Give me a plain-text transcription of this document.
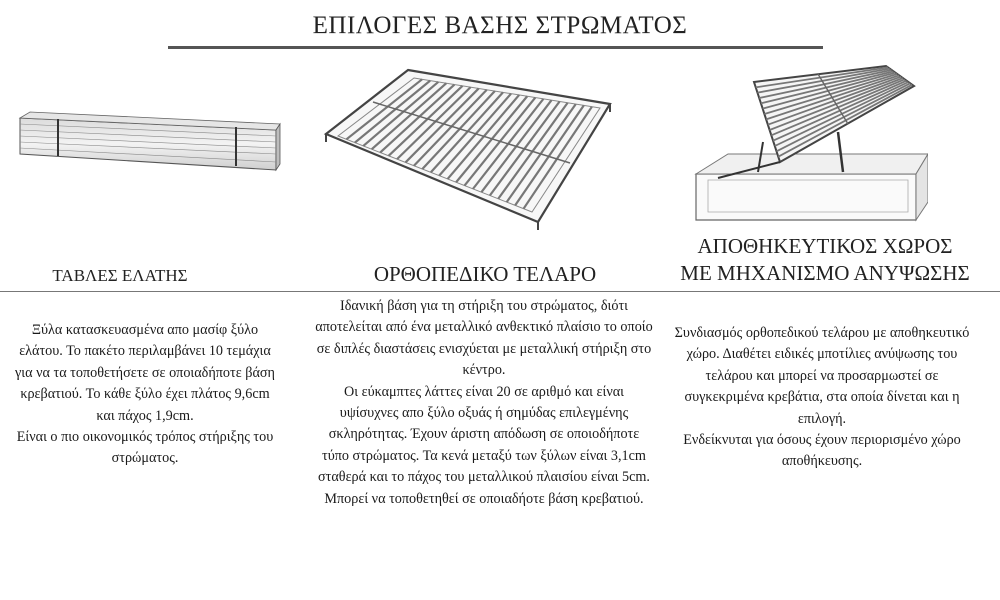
ΕΠΙΛΟΓΕΣ ΒΑΣΗΣ ΣΤΡΩΜΑΤΟΣ
ΤΑΒΛΕΣ ΕΛΑΤΗΣ	ΟΡΘΟΠΕΔΙΚΟ ΤΕΛΑΡΟ
ΑΠΟΘΗΚΕΥΤΙΚΟΣ ΧΩΡΟΣ
ΜΕ ΜΗΧΑΝΙΣΜΟ ΑΝΥΨΩΣΗΣ

Ξύλα κατασκευασμένα απο μασίφ ξύλο ελάτου. Το πακέτο περιλαμβάνει 10 τεμάχια για να τα τοποθετήσετε σε οποιαδήποτε βάση κρεβατιού. Το κάθε ξύλο έχει πλάτος 9,6cm και πάχος 1,9cm.

Είναι ο πιο οικονομικός τρόπος στήριξης του στρώματος.

Ιδανική βάση για τη στήριξη του στρώματος, διότι αποτελείται από ένα μεταλλικό ανθεκτικό πλαίσιο το οποίο σε διπλές διαστάσεις ενισχύεται με μεταλλική στήριξη στο κέντρο.

Οι εύκαμπτες λάττες είναι 20 σε αριθμό και είναι υψίσυχνες απο ξύλο οξυάς ή σημύδας επιλεγμένης σκληρότητας. Έχουν άριστη απόδωση σε οποιοδήποτε τύπο στρώματος. Τα κενά μεταξύ των ξύλων είναι 3,1cm σταθερά και το πάχος του μεταλλικού πλαισίου είναι 5cm.

Μπορεί να τοποθετηθεί σε οποιαδήοτε βάση κρεβατιού.

Συνδιασμός ορθοπεδικού τελάρου με αποθηκευτικό χώρο. Διαθέτει ειδικές μποτίλιες ανύψωσης του τελάρου και μπορεί να προσαρμωστεί σε συγκεκριμένα κρεβάτια, στα οποία δίνεται και η επιλογή.

Ενδείκνυται για όσους έχουν περιορισμένο χώρο αποθήκευσης.
